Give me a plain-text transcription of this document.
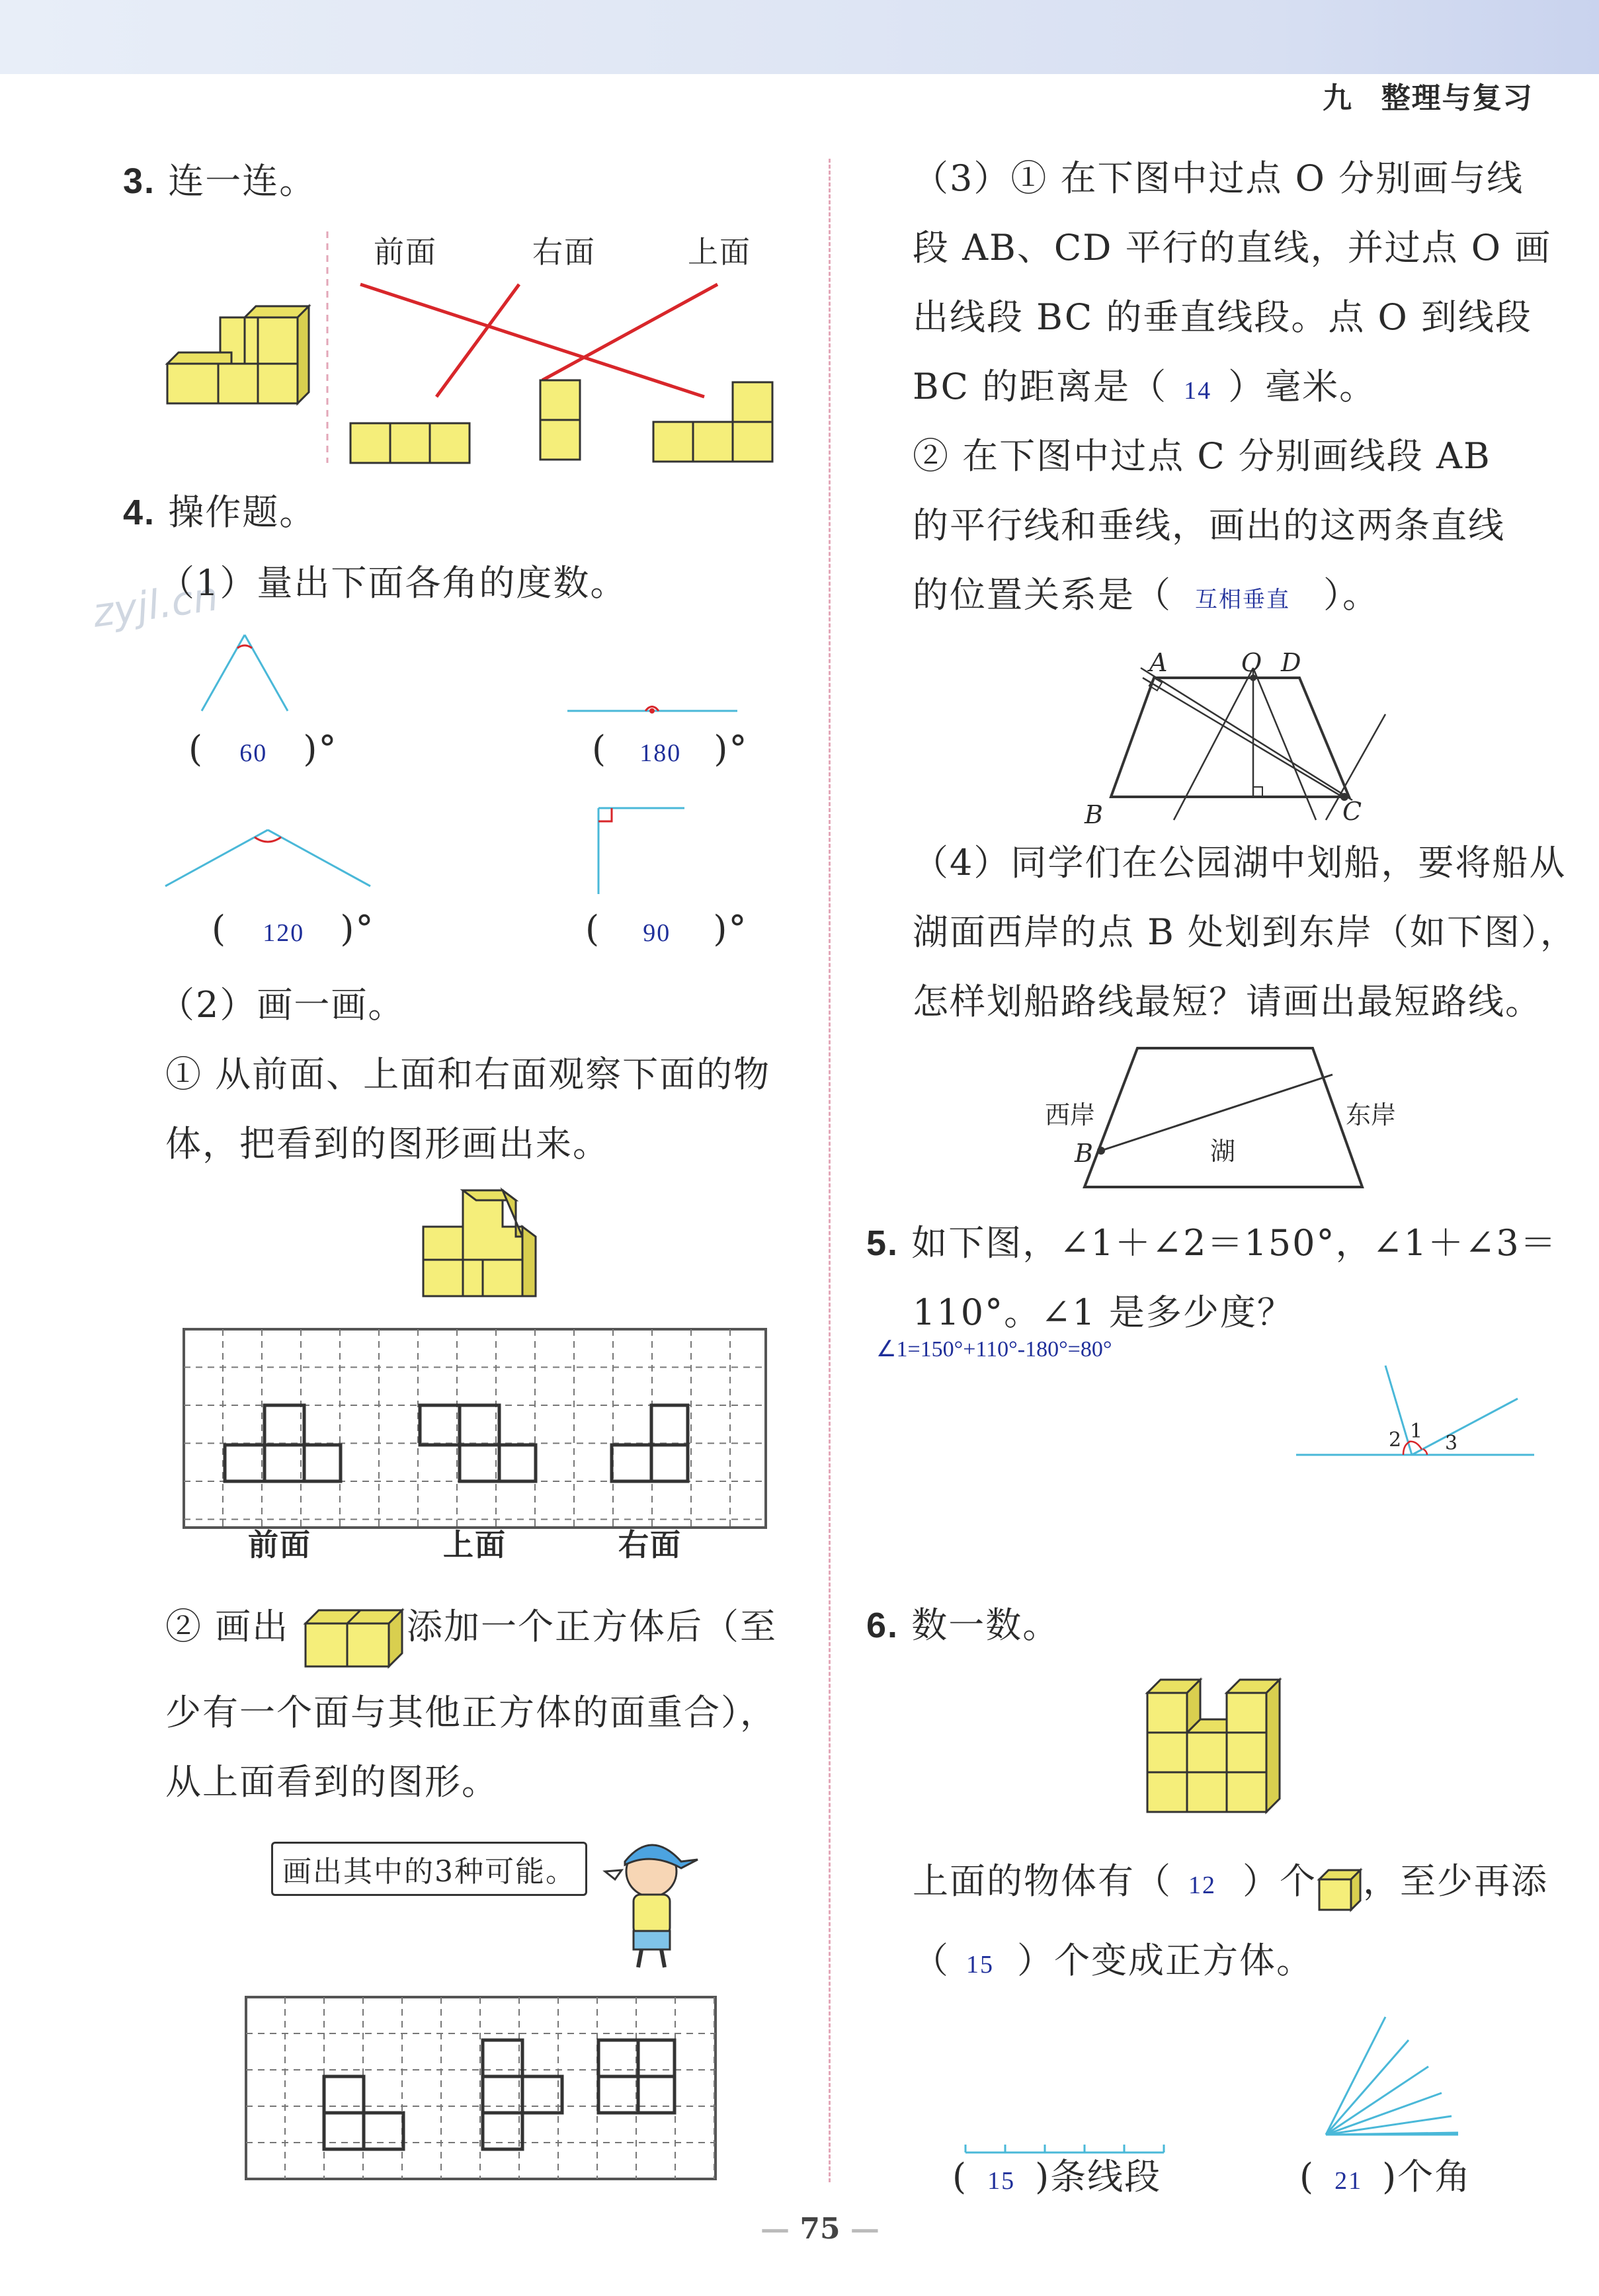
九 整理与复习
3. 连一连。
前面	右面	上面
4. 操作题。
zyjl.cn
（1）量出下面各角的度数。
( 60 )°	( 180 )°
( 120 )°	( 90 )°
（2）画一画。
① 从前面、上面和右面观察下面的物
体，把看到的图形画出来。
前面	上面	右面
② 画出	添加一个正方体后（至
少有一个面与其他正方体的面重合），
从上面看到的图形。
画出其中的3种可能。
（3）① 在下图中过点 O 分别画与线
段 AB、CD 平行的直线，并过点 O 画
出线段 BC 的垂直线段。点 O 到线段
BC 的距离是（ 14 ）毫米。
② 在下图中过点 C 分别画线段 AB
的平行线和垂线，画出的这两条直线
的位置关系是（ 互相垂直 ）。
A	O D
B	C
（4）同学们在公园湖中划船，要将船从
湖面西岸的点 B 处划到东岸（如下图），
怎样划船路线最短？请画出最短路线。
西岸	东岸
湖
B
5. 如下图，∠1＋∠2＝150°，∠1＋∠3＝
110°。∠1 是多少度？
∠1=150°+110°-180°=80°
2 1
3
6. 数一数。
上面的物体有（ 12 ）个 ，至少再添
（ 15 ）个变成正方体。
( 15 )条线段	( 21 )个角
— 75 —
